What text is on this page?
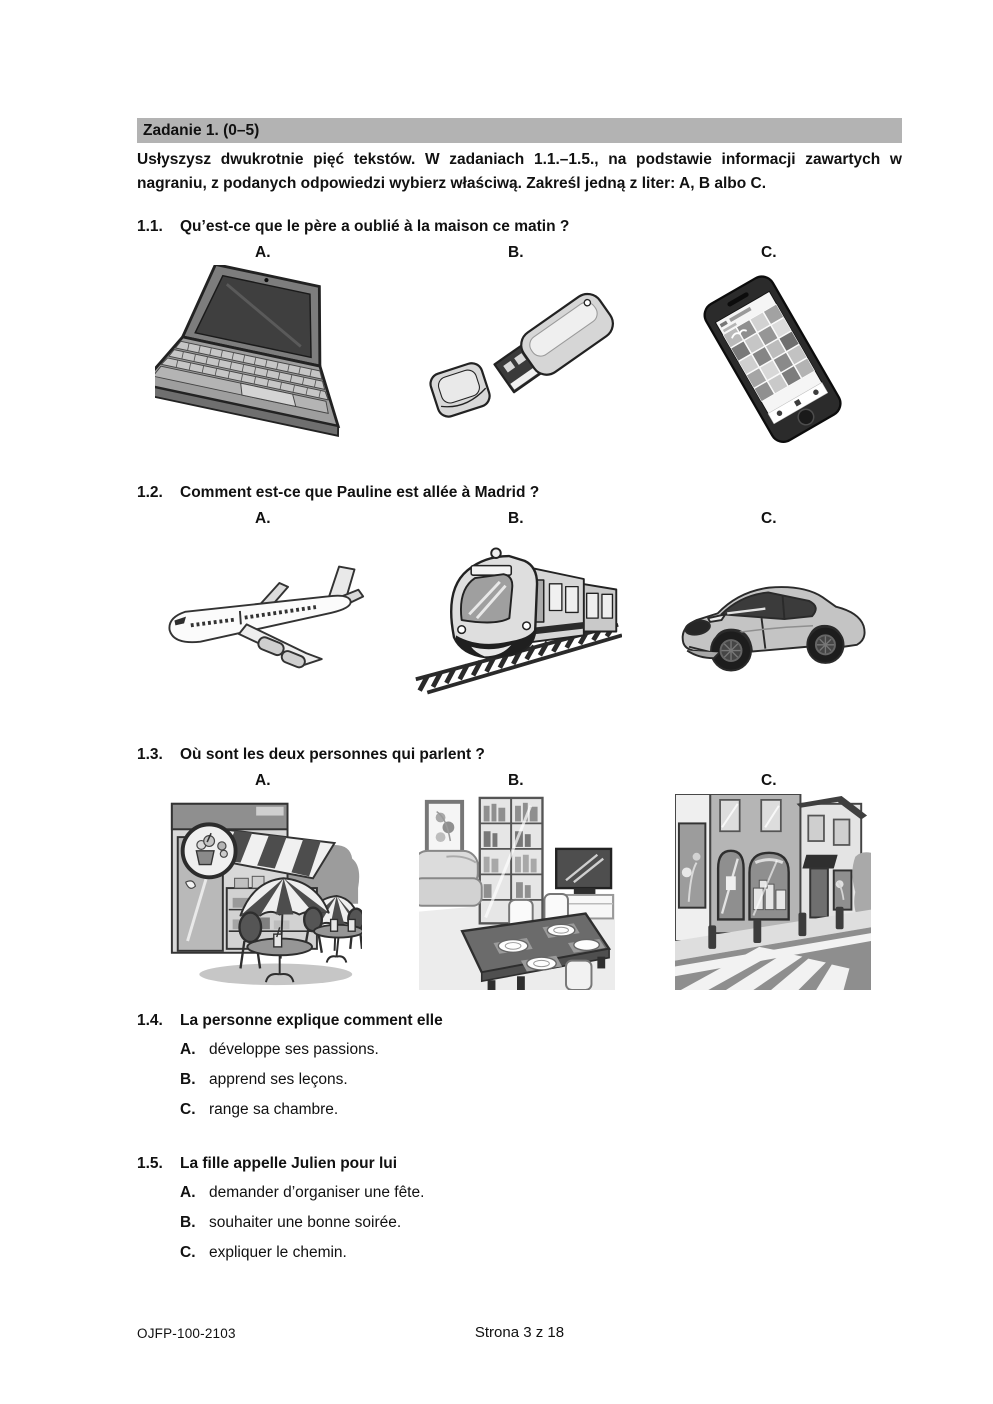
Zadanie 1. (0–5)

Usłyszysz dwukrotnie pięć tekstów. W zadaniach 1.1.–1.5., na podstawie informacji zawartych w nagraniu, z podanych odpowiedzi wybierz właściwą. Zakreśl jedną z liter: A, B albo C.

1.1.	Qu’est-ce que le père a oublié à la maison ce matin ?
A.	B.	C.
1.2.	Comment est-ce que Pauline est allée à Madrid ?
A.	B.	C.
1.3.	Où sont les deux personnes qui parlent ?
A.	B.	C.
1.4.	La personne explique comment elle
A. développe ses passions.
B. apprend ses leçons.
C. range sa chambre.
1.5.	La fille appelle Julien pour lui
A. demander d’organiser une fête.
B. souhaiter une bonne soirée.
C. expliquer le chemin.
Strona 3 z 18
OJFP-100-2103
